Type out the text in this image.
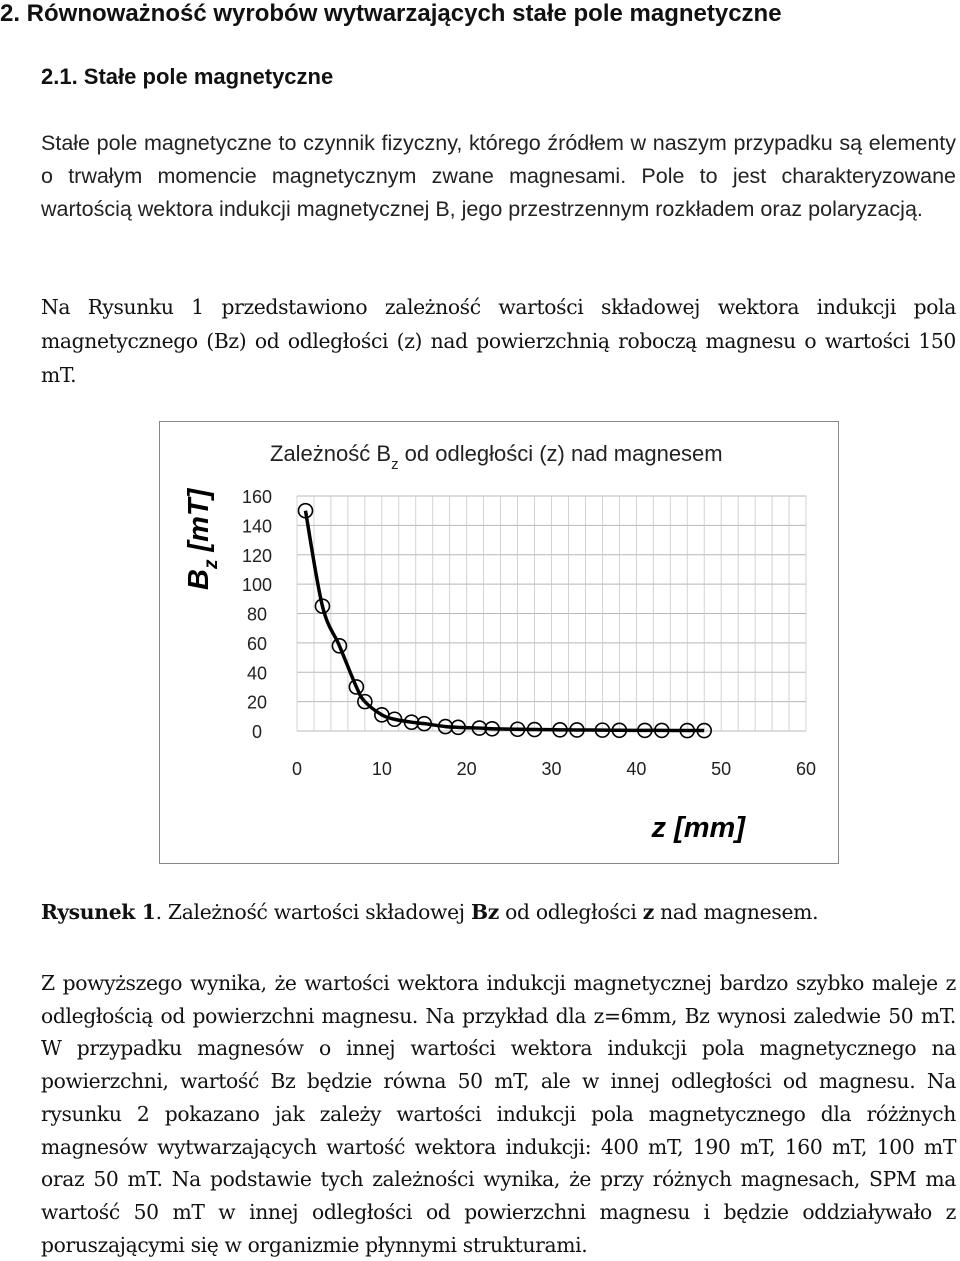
2. Równoważność wyrobów wytwarzających stałe pole magnetyczne
2.1. Stałe pole magnetyczne

Stałe pole magnetyczne to czynnik fizyczny, którego źródłem w naszym przypadku są elementy o trwałym momencie magnetycznym zwane magnesami. Pole to jest charakteryzowane wartością wektora indukcji magnetycznej B, jego przestrzennym rozkładem oraz polaryzacją.

Na Rysunku 1 przedstawiono zależność wartości składowej wektora indukcji pola magnetycznego (Bz) od odległości (z) nad powierzchnią roboczą magnesu o wartości 150 mT.

0
20
40
60
80
100
120
140
160
0	10	20	30	40	50	60
Zależność $B_z$ od odległości (z) nad magnesem
$B_z$ [mT]
z [mm]
Rysunek 1. Zależność wartości składowej Bz od odległości z nad magnesem.

Z powyższego wynika, że wartości wektora indukcji magnetycznej bardzo szybko maleje z odległością od powierzchni magnesu. Na przykład dla z=6mm, Bz wynosi zaledwie 50 mT. W przypadku magnesów o innej wartości wektora indukcji pola magnetycznego na powierzchni, wartość Bz będzie równa 50 mT, ale w innej odległości od magnesu. Na rysunku 2 pokazano jak zależy wartości indukcji pola magnetycznego dla różżnych magnesów wytwarzających wartość wektora indukcji: 400 mT, 190 mT, 160 mT, 100 mT oraz 50 mT. Na podstawie tych zależności wynika, że przy różnych magnesach, SPM ma wartość 50 mT w innej odległości od powierzchni magnesu i będzie oddziaływało z poruszającymi się w organizmie płynnymi strukturami.
